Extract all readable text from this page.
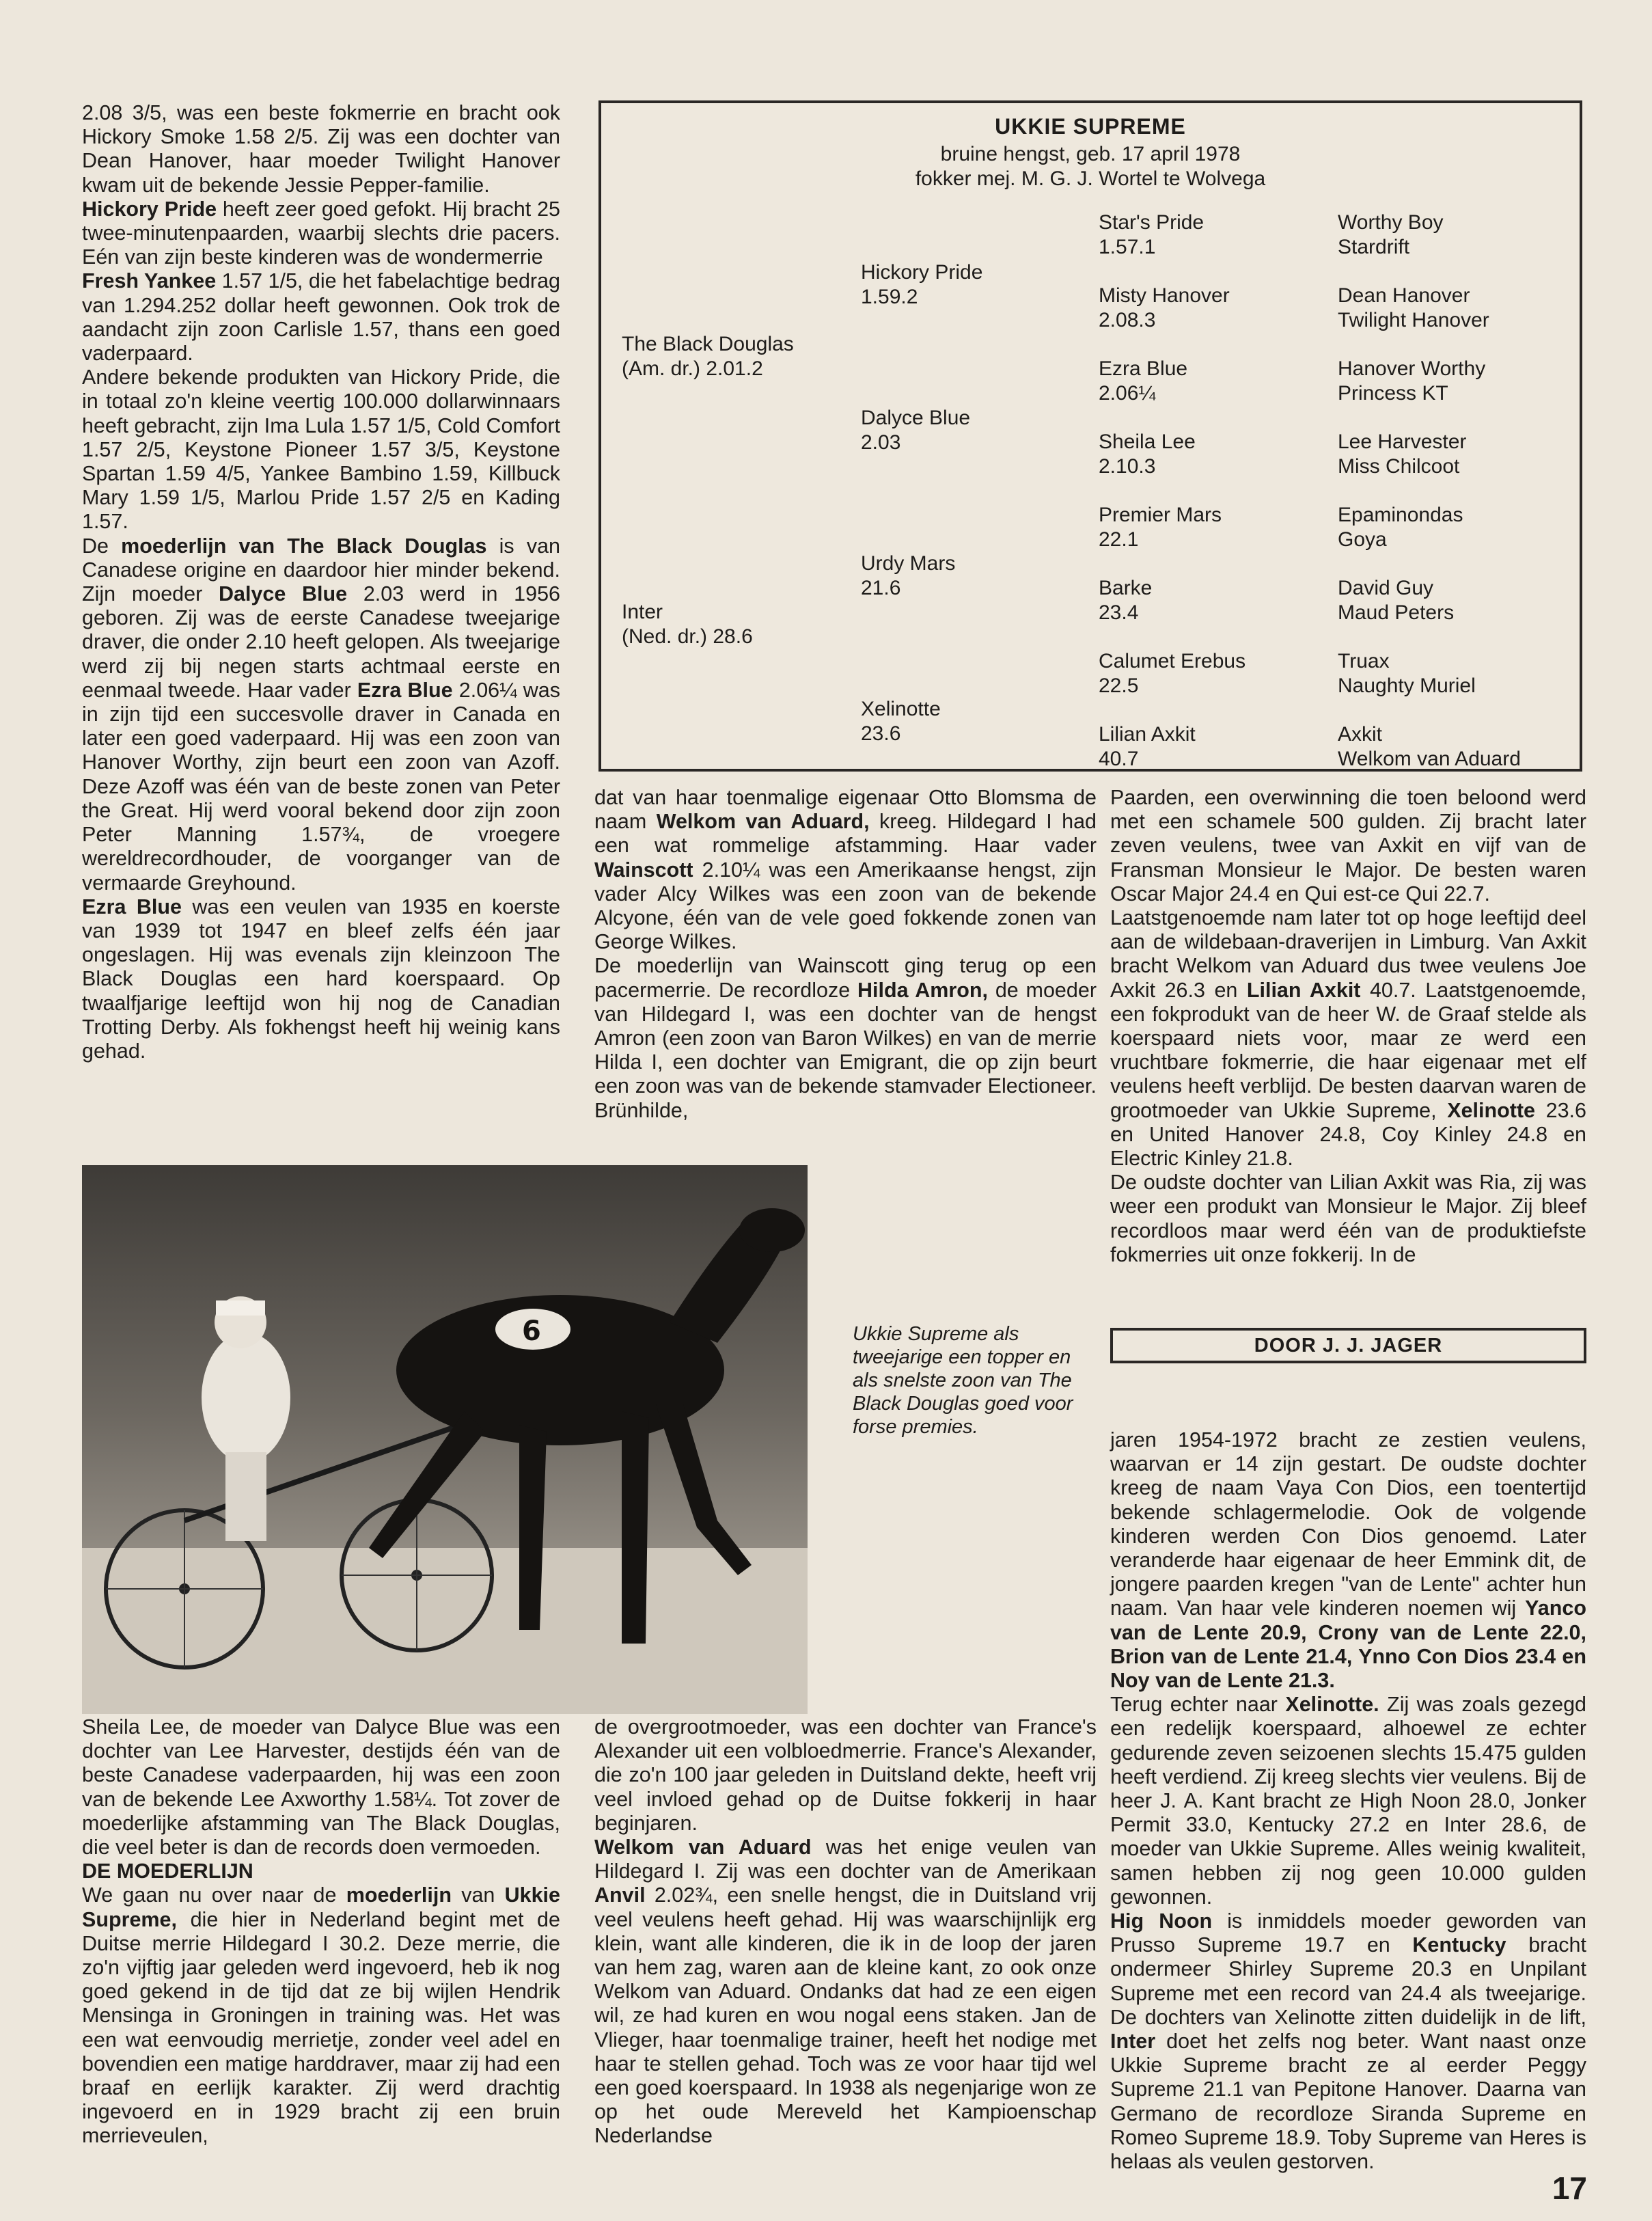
2.08 3/5, was een beste fokmerrie en bracht ook Hickory Smoke 1.58 2/5. Zij was een dochter van Dean Hanover, haar moeder Twilight Hanover kwam uit de bekende Jessie Pepper-familie.

Hickory Pride heeft zeer goed gefokt. Hij bracht 25 twee-minutenpaarden, waarbij slechts drie pacers. Eén van zijn beste kinderen was de wondermerrie

Fresh Yankee 1.57 1/5, die het fabelachtige bedrag van 1.294.252 dollar heeft gewonnen. Ook trok de aandacht zijn zoon Carlisle 1.57, thans een goed vaderpaard.

Andere bekende produkten van Hickory Pride, die in totaal zo'n kleine veertig 100.000 dollarwinnaars heeft gebracht, zijn Ima Lula 1.57 1/5, Cold Comfort 1.57 2/5, Keystone Pioneer 1.57 3/5, Keystone Spartan 1.59 4/5, Yankee Bambino 1.59, Killbuck Mary 1.59 1/5, Marlou Pride 1.57 2/5 en Kading 1.57.

De moederlijn van The Black Douglas is van Canadese origine en daardoor hier minder bekend. Zijn moeder Dalyce Blue 2.03 werd in 1956 geboren. Zij was de eerste Canadese tweejarige draver, die onder 2.10 heeft gelopen. Als tweejarige werd zij bij negen starts achtmaal eerste en eenmaal tweede. Haar vader Ezra Blue 2.06¼ was in zijn tijd een succesvolle draver in Canada en later een goed vaderpaard. Hij was een zoon van Hanover Worthy, zijn beurt een zoon van Azoff. Deze Azoff was één van de beste zonen van Peter the Great. Hij werd vooral bekend door zijn zoon Peter Manning 1.57¾, de vroegere wereldrecordhouder, de voorganger van de vermaarde Greyhound.

Ezra Blue was een veulen van 1935 en koerste van 1939 tot 1947 en bleef zelfs één jaar ongeslagen. Hij was evenals zijn kleinzoon The Black Douglas een hard koerspaard. Op twaalfjarige leeftijd won hij nog de Canadian Trotting Derby. Als fokhengst heeft hij weinig kans gehad.

UKKIE SUPREME
bruine hengst, geb. 17 april 1978
fokker mej. M. G. J. Wortel te Wolvega
The Black Douglas
(Am. dr.) 2.01.2
Inter
(Ned. dr.) 28.6
Hickory Pride
1.59.2
Dalyce Blue
2.03
Urdy Mars
21.6
Xelinotte
23.6
Star's Pride
1.57.1
Misty Hanover
2.08.3
Ezra Blue
2.06¼
Sheila Lee
2.10.3
Premier Mars
22.1
Barke
23.4
Calumet Erebus
22.5
Lilian Axkit
40.7
Worthy Boy
Stardrift
Dean Hanover
Twilight Hanover
Hanover Worthy
Princess KT
Lee Harvester
Miss Chilcoot
Epaminondas
Goya
David Guy
Maud Peters
Truax
Naughty Muriel
Axkit
Welkom van Aduard

dat van haar toenmalige eigenaar Otto Blomsma de naam Welkom van Aduard, kreeg. Hildegard I had een wat rommelige afstamming. Haar vader Wainscott 2.10¼ was een Amerikaanse hengst, zijn vader Alcy Wilkes was een zoon van de bekende Alcyone, één van de vele goed fokkende zonen van George Wilkes.

De moederlijn van Wainscott ging terug op een pacermerrie. De recordloze Hilda Amron, de moeder van Hildegard I, was een dochter van de hengst Amron (een zoon van Baron Wilkes) en van de merrie Hilda I, een dochter van Emigrant, die op zijn beurt een zoon was van de bekende stamvader Electioneer. Brünhilde,

Paarden, een overwinning die toen beloond werd met een schamele 500 gulden. Zij bracht later zeven veulens, twee van Axkit en vijf van de Fransman Monsieur le Major. De besten waren Oscar Major 24.4 en Qui est-ce Qui 22.7.

Laatstgenoemde nam later tot op hoge leeftijd deel aan de wildebaan-draverijen in Limburg. Van Axkit bracht Welkom van Aduard dus twee veulens Joe Axkit 26.3 en Lilian Axkit 40.7. Laatstgenoemde, een fokprodukt van de heer W. de Graaf stelde als koerspaard niets voor, maar ze werd een vruchtbare fokmerrie, die haar eigenaar met elf veulens heeft verblijd. De besten daarvan waren de grootmoeder van Ukkie Supreme, Xelinotte 23.6 en United Hanover 24.8, Coy Kinley 24.8 en Electric Kinley 21.8.

De oudste dochter van Lilian Axkit was Ria, zij was weer een produkt van Monsieur le Major. Zij bleef recordloos maar werd één van de produktiefste fokmerries uit onze fokkerij. In de

6	Ukkie Supreme als tweejarige een topper en als snelste zoon van The Black Douglas goed voor forse premies.
DOOR J. J. JAGER

Sheila Lee, de moeder van Dalyce Blue was een dochter van Lee Harvester, destijds één van de beste Canadese vaderpaarden, hij was een zoon van de bekende Lee Axworthy 1.58¼. Tot zover de moederlijke afstamming van The Black Douglas, die veel beter is dan de records doen vermoeden.

DE MOEDERLIJN

We gaan nu over naar de moederlijn van Ukkie Supreme, die hier in Nederland begint met de Duitse merrie Hildegard I 30.2. Deze merrie, die zo'n vijftig jaar geleden werd ingevoerd, heb ik nog goed gekend in de tijd dat ze bij wijlen Hendrik Mensinga in Groningen in training was. Het was een wat eenvoudig merrietje, zonder veel adel en bovendien een matige harddraver, maar zij had een braaf en eerlijk karakter. Zij werd drachtig ingevoerd en in 1929 bracht zij een bruin merrieveulen,

de overgrootmoeder, was een dochter van France's Alexander uit een volbloedmerrie. France's Alexander, die zo'n 100 jaar geleden in Duitsland dekte, heeft vrij veel invloed gehad op de Duitse fokkerij in haar beginjaren.

Welkom van Aduard was het enige veulen van Hildegard I. Zij was een dochter van de Amerikaan Anvil 2.02¾, een snelle hengst, die in Duitsland vrij veel veulens heeft gehad. Hij was waarschijnlijk erg klein, want alle kinderen, die ik in de loop der jaren van hem zag, waren aan de kleine kant, zo ook onze Welkom van Aduard. Ondanks dat had ze een eigen wil, ze had kuren en wou nogal eens staken. Jan de Vlieger, haar toenmalige trainer, heeft het nodige met haar te stellen gehad. Toch was ze voor haar tijd wel een goed koerspaard. In 1938 als negenjarige won ze op het oude Mereveld het Kampioenschap Nederlandse

jaren 1954-1972 bracht ze zestien veulens, waarvan er 14 zijn gestart. De oudste dochter kreeg de naam Vaya Con Dios, een toentertijd bekende schlagermelodie. Ook de volgende kinderen werden Con Dios genoemd. Later veranderde haar eigenaar de heer Emmink dit, de jongere paarden kregen "van de Lente" achter hun naam. Van haar vele kinderen noemen wij Yanco van de Lente 20.9, Crony van de Lente 22.0, Brion van de Lente 21.4, Ynno Con Dios 23.4 en Noy van de Lente 21.3.

Terug echter naar Xelinotte. Zij was zoals gezegd een redelijk koerspaard, alhoewel ze echter gedurende zeven seizoenen slechts 15.475 gulden heeft verdiend. Zij kreeg slechts vier veulens. Bij de heer J. A. Kant bracht ze High Noon 28.0, Jonker Permit 33.0, Kentucky 27.2 en Inter 28.6, de moeder van Ukkie Supreme. Alles weinig kwaliteit, samen hebben zij nog geen 10.000 gulden gewonnen.

Hig Noon is inmiddels moeder geworden van Prusso Supreme 19.7 en Kentucky bracht ondermeer Shirley Supreme 20.3 en Unpilant Supreme met een record van 24.4 als tweejarige. De dochters van Xelinotte zitten duidelijk in de lift, Inter doet het zelfs nog beter. Want naast onze Ukkie Supreme bracht ze al eerder Peggy Supreme 21.1 van Pepitone Hanover. Daarna van Germano de recordloze Siranda Supreme en Romeo Supreme 18.9. Toby Supreme van Heres is helaas als veulen gestorven.

17
